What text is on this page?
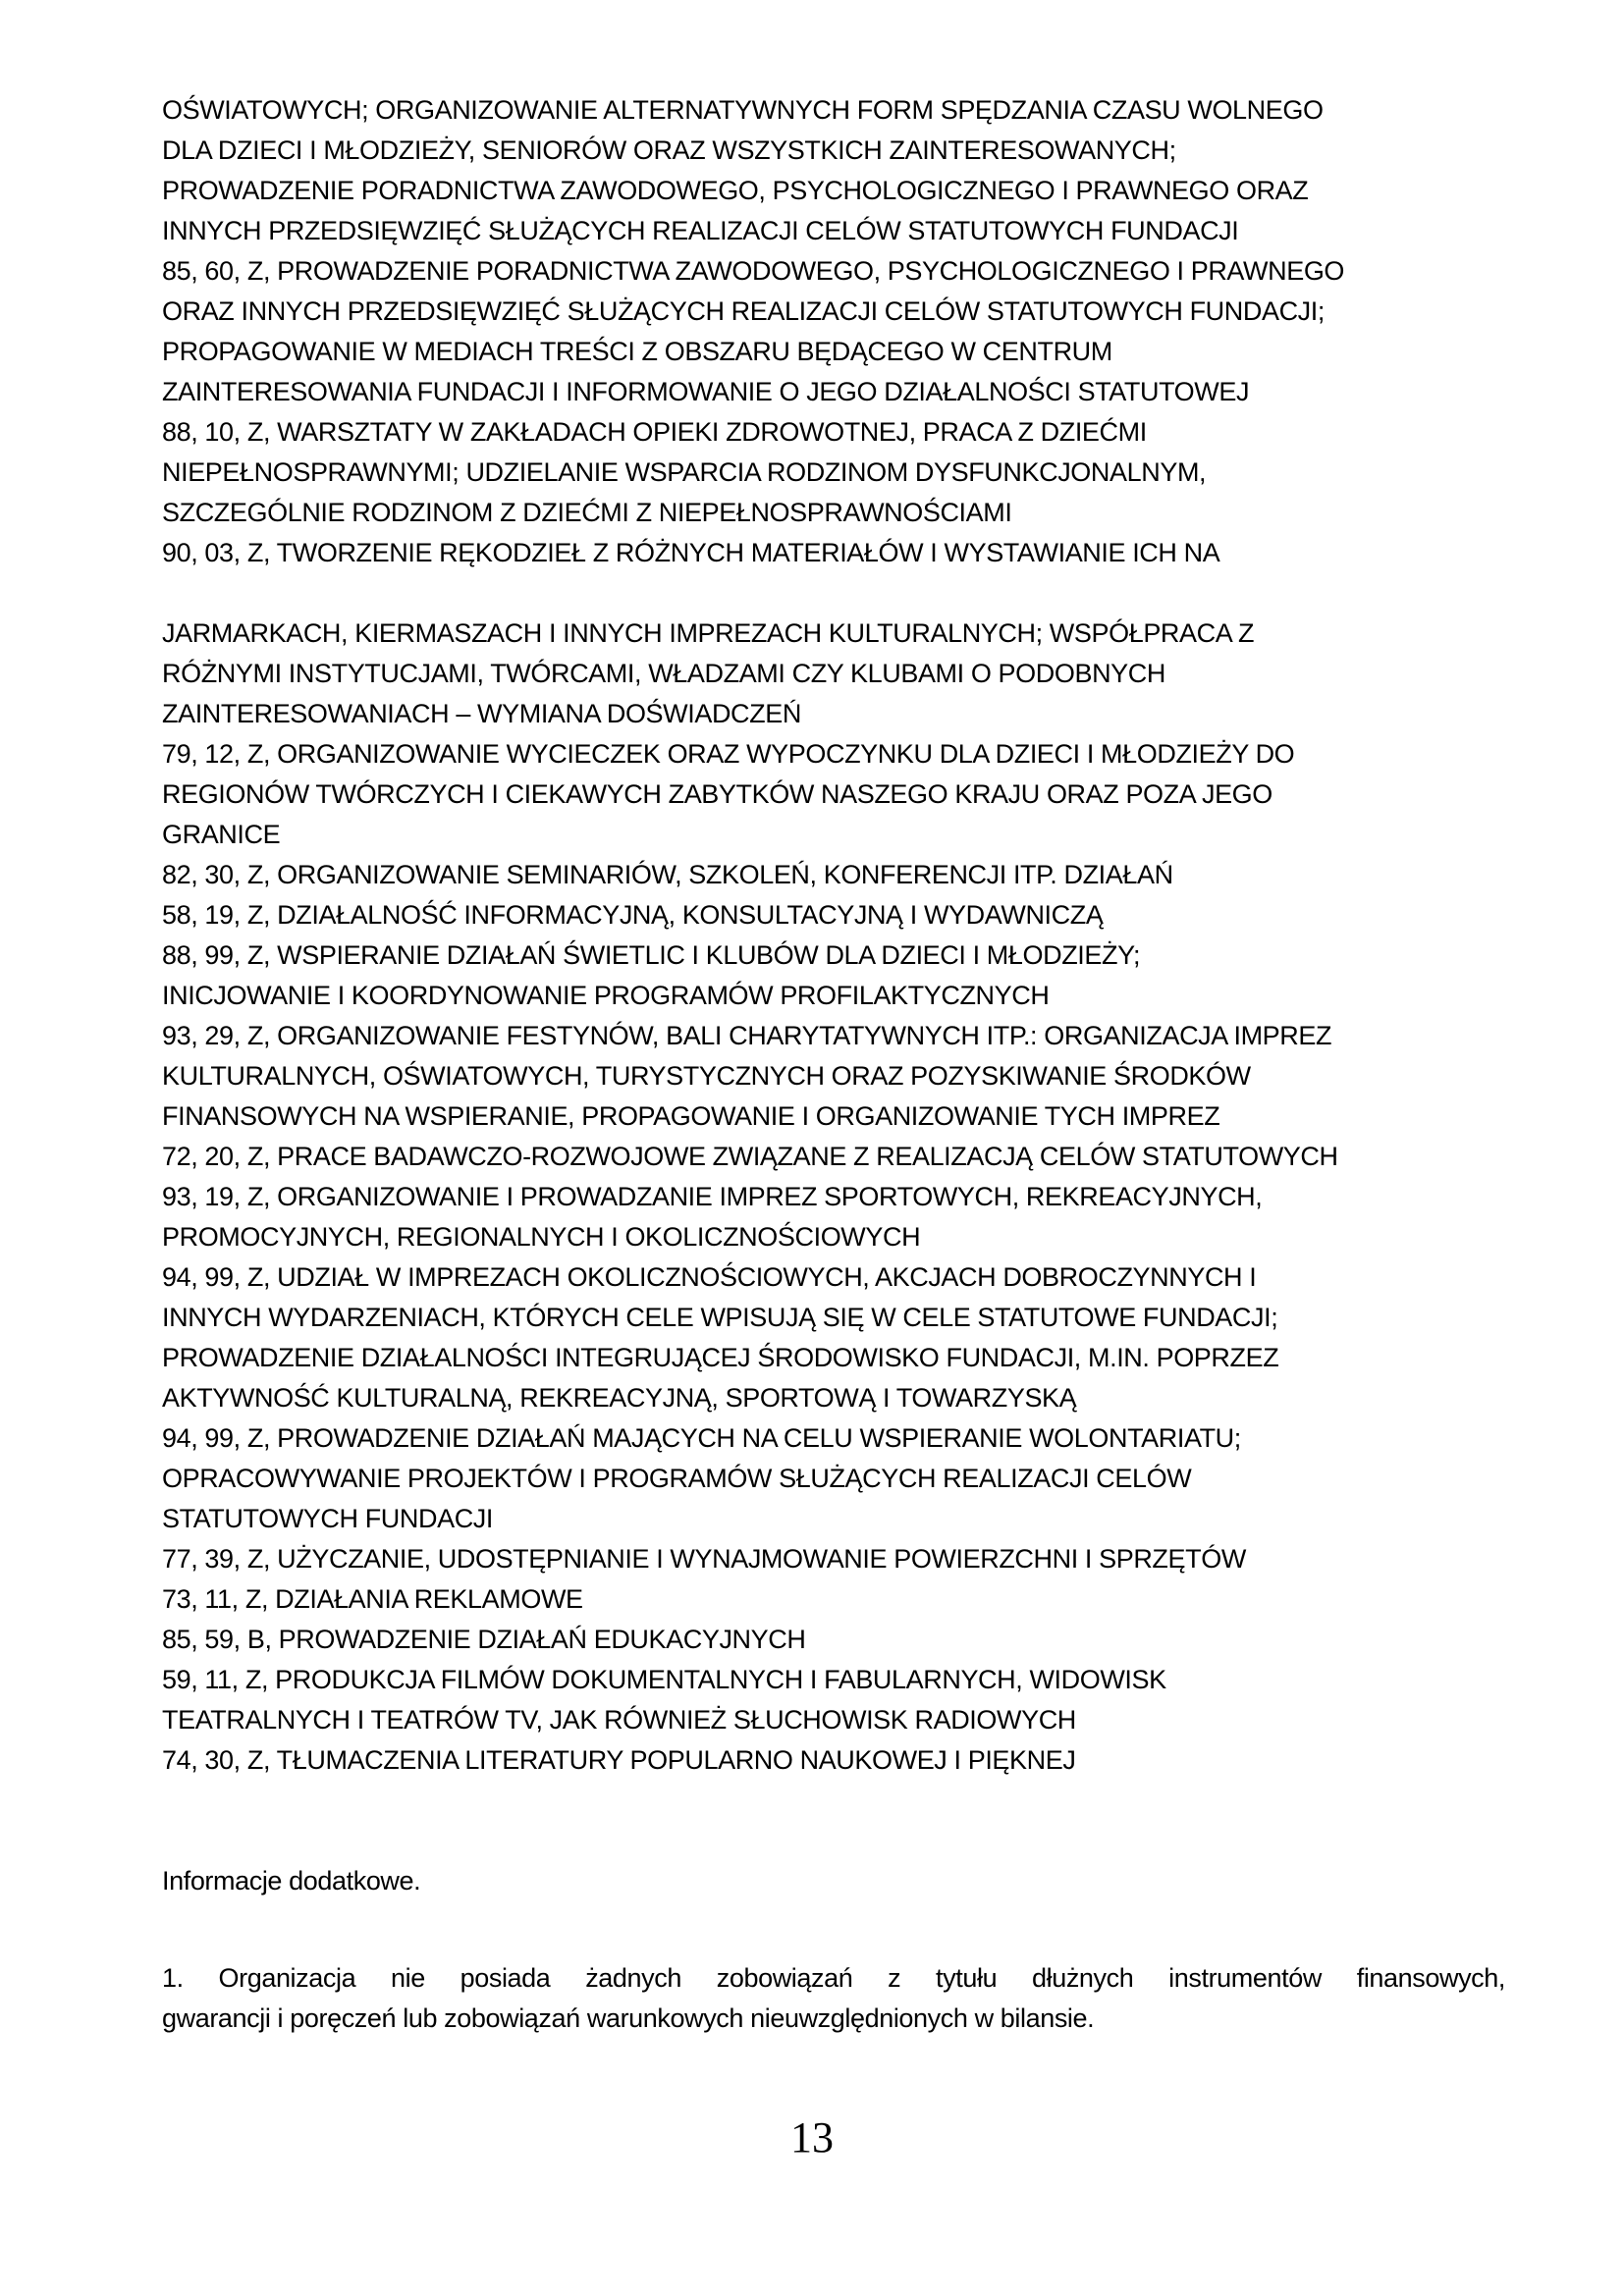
OŚWIATOWYCH; ORGANIZOWANIE ALTERNATYWNYCH FORM SPĘDZANIA CZASU WOLNEGO
DLA DZIECI I MŁODZIEŻY, SENIORÓW ORAZ WSZYSTKICH ZAINTERESOWANYCH;
PROWADZENIE PORADNICTWA ZAWODOWEGO, PSYCHOLOGICZNEGO I PRAWNEGO ORAZ
INNYCH PRZEDSIĘWZIĘĆ SŁUŻĄCYCH REALIZACJI CELÓW STATUTOWYCH FUNDACJI
85, 60, Z, PROWADZENIE PORADNICTWA ZAWODOWEGO, PSYCHOLOGICZNEGO I PRAWNEGO
ORAZ INNYCH PRZEDSIĘWZIĘĆ SŁUŻĄCYCH REALIZACJI CELÓW STATUTOWYCH FUNDACJI;
PROPAGOWANIE W MEDIACH TREŚCI Z OBSZARU BĘDĄCEGO W CENTRUM
ZAINTERESOWANIA FUNDACJI I INFORMOWANIE O JEGO DZIAŁALNOŚCI STATUTOWEJ
88, 10, Z, WARSZTATY W ZAKŁADACH OPIEKI ZDROWOTNEJ, PRACA Z DZIEĆMI
NIEPEŁNOSPRAWNYMI; UDZIELANIE WSPARCIA RODZINOM DYSFUNKCJONALNYM,
SZCZEGÓLNIE RODZINOM Z DZIEĆMI Z NIEPEŁNOSPRAWNOŚCIAMI
90, 03, Z, TWORZENIE RĘKODZIEŁ Z RÓŻNYCH MATERIAŁÓW I WYSTAWIANIE ICH NA

JARMARKACH, KIERMASZACH I INNYCH IMPREZACH KULTURALNYCH; WSPÓŁPRACA Z
RÓŻNYMI INSTYTUCJAMI, TWÓRCAMI, WŁADZAMI CZY KLUBAMI O PODOBNYCH
ZAINTERESOWANIACH – WYMIANA DOŚWIADCZEŃ
79, 12, Z, ORGANIZOWANIE WYCIECZEK ORAZ WYPOCZYNKU DLA DZIECI I MŁODZIEŻY DO
REGIONÓW TWÓRCZYCH I CIEKAWYCH ZABYTKÓW NASZEGO KRAJU ORAZ POZA JEGO
GRANICE
82, 30, Z, ORGANIZOWANIE SEMINARIÓW, SZKOLEŃ, KONFERENCJI ITP. DZIAŁAŃ
58, 19, Z, DZIAŁALNOŚĆ INFORMACYJNĄ, KONSULTACYJNĄ I WYDAWNICZĄ
88, 99, Z, WSPIERANIE DZIAŁAŃ ŚWIETLIC I KLUBÓW DLA DZIECI I MŁODZIEŻY;
INICJOWANIE I KOORDYNOWANIE PROGRAMÓW PROFILAKTYCZNYCH
93, 29, Z, ORGANIZOWANIE FESTYNÓW, BALI CHARYTATYWNYCH ITP.: ORGANIZACJA IMPREZ
KULTURALNYCH, OŚWIATOWYCH, TURYSTYCZNYCH ORAZ POZYSKIWANIE ŚRODKÓW
FINANSOWYCH NA WSPIERANIE, PROPAGOWANIE I ORGANIZOWANIE TYCH IMPREZ
72, 20, Z, PRACE BADAWCZO-ROZWOJOWE ZWIĄZANE Z REALIZACJĄ CELÓW STATUTOWYCH
93, 19, Z, ORGANIZOWANIE I PROWADZANIE IMPREZ SPORTOWYCH, REKREACYJNYCH,
PROMOCYJNYCH, REGIONALNYCH I OKOLICZNOŚCIOWYCH
94, 99, Z, UDZIAŁ W IMPREZACH OKOLICZNOŚCIOWYCH, AKCJACH DOBROCZYNNYCH I
INNYCH WYDARZENIACH, KTÓRYCH CELE WPISUJĄ SIĘ W CELE STATUTOWE FUNDACJI;
PROWADZENIE DZIAŁALNOŚCI INTEGRUJĄCEJ ŚRODOWISKO FUNDACJI, M.IN. POPRZEZ
AKTYWNOŚĆ KULTURALNĄ, REKREACYJNĄ, SPORTOWĄ I TOWARZYSKĄ
94, 99, Z, PROWADZENIE DZIAŁAŃ MAJĄCYCH NA CELU WSPIERANIE WOLONTARIATU;
OPRACOWYWANIE PROJEKTÓW I PROGRAMÓW SŁUŻĄCYCH REALIZACJI CELÓW
STATUTOWYCH FUNDACJI
77, 39, Z, UŻYCZANIE, UDOSTĘPNIANIE I WYNAJMOWANIE POWIERZCHNI I SPRZĘTÓW
73, 11, Z, DZIAŁANIA REKLAMOWE
85, 59, B, PROWADZENIE DZIAŁAŃ EDUKACYJNYCH
59, 11, Z, PRODUKCJA FILMÓW DOKUMENTALNYCH I FABULARNYCH, WIDOWISK
TEATRALNYCH I TEATRÓW TV, JAK RÓWNIEŻ SŁUCHOWISK RADIOWYCH
74, 30, Z, TŁUMACZENIA LITERATURY POPULARNO NAUKOWEJ I PIĘKNEJ

Informacje dodatkowe.

1. Organizacja nie posiada żadnych zobowiązań z tytułu dłużnych instrumentów finansowych,
gwarancji i poręczeń lub zobowiązań warunkowych nieuwzględnionych w bilansie.
13
